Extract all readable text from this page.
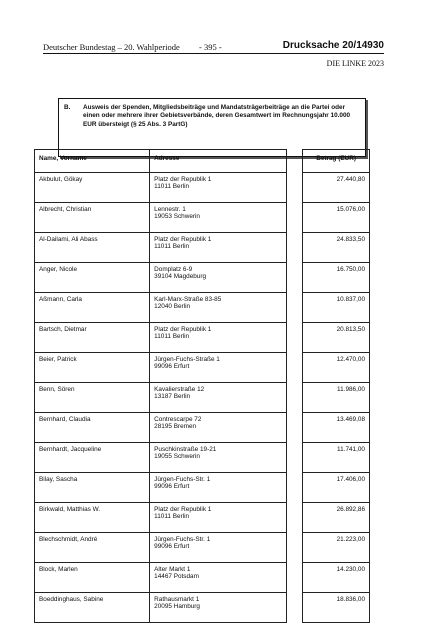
Deutscher Bundestag – 20. Wahlperiode - 395 -	Drucksache 20/14930
DIE LINKE 2023
B. Ausweis der Spenden, Mitgliedsbeiträge und Mandatsträgerbeiträge an die Partei oder einen oder mehrere ihrer Gebietsverbände, deren Gesamtwert im Rechnungsjahr 10.000 EUR übersteigt (§ 25 Abs. 3 PartG)
Name, Vorname	Adresse		Betrag (EUR)
Akbulut, Gökay	Platz der Republik 1
11011 Berlin		27.440,80
Albrecht, Christian	Lennestr. 1
19053 Schwerin		15.076,00
Al-Dailami, Ali Abass	Platz der Republik 1
11011 Berlin		24.833,50
Anger, Nicole	Domplatz 6-9
39104 Magdeburg		16.750,00
Aßmann, Carla	Karl-Marx-Straße 83-85
12040 Berlin		10.837,00
Bartsch, Dietmar	Platz der Republik 1
11011 Berlin		20.813,50
Beier, Patrick	Jürgen-Fuchs-Straße 1
99096 Erfurt		12.470,00
Benn, Sören	Kavalierstraße 12
13187 Berlin		11.986,00
Bernhard, Claudia	Contrescarpe 72
28195 Bremen		13.469,08
Bernhardt, Jacqueline	Puschkinstraße 19-21
19055 Schwerin		11.741,00
Bilay, Sascha	Jürgen-Fuchs-Str. 1
99096 Erfurt		17.406,00
Birkwald, Matthias W.	Platz der Republik 1
11011 Berlin		26.892,86
Blechschmidt, André	Jürgen-Fuchs-Str. 1
99096 Erfurt		21.223,00
Block, Marlen	Alter Markt 1
14467 Potsdam		14.230,00
Boeddinghaus, Sabine	Rathausmarkt 1
20095 Hamburg		18.836,00
